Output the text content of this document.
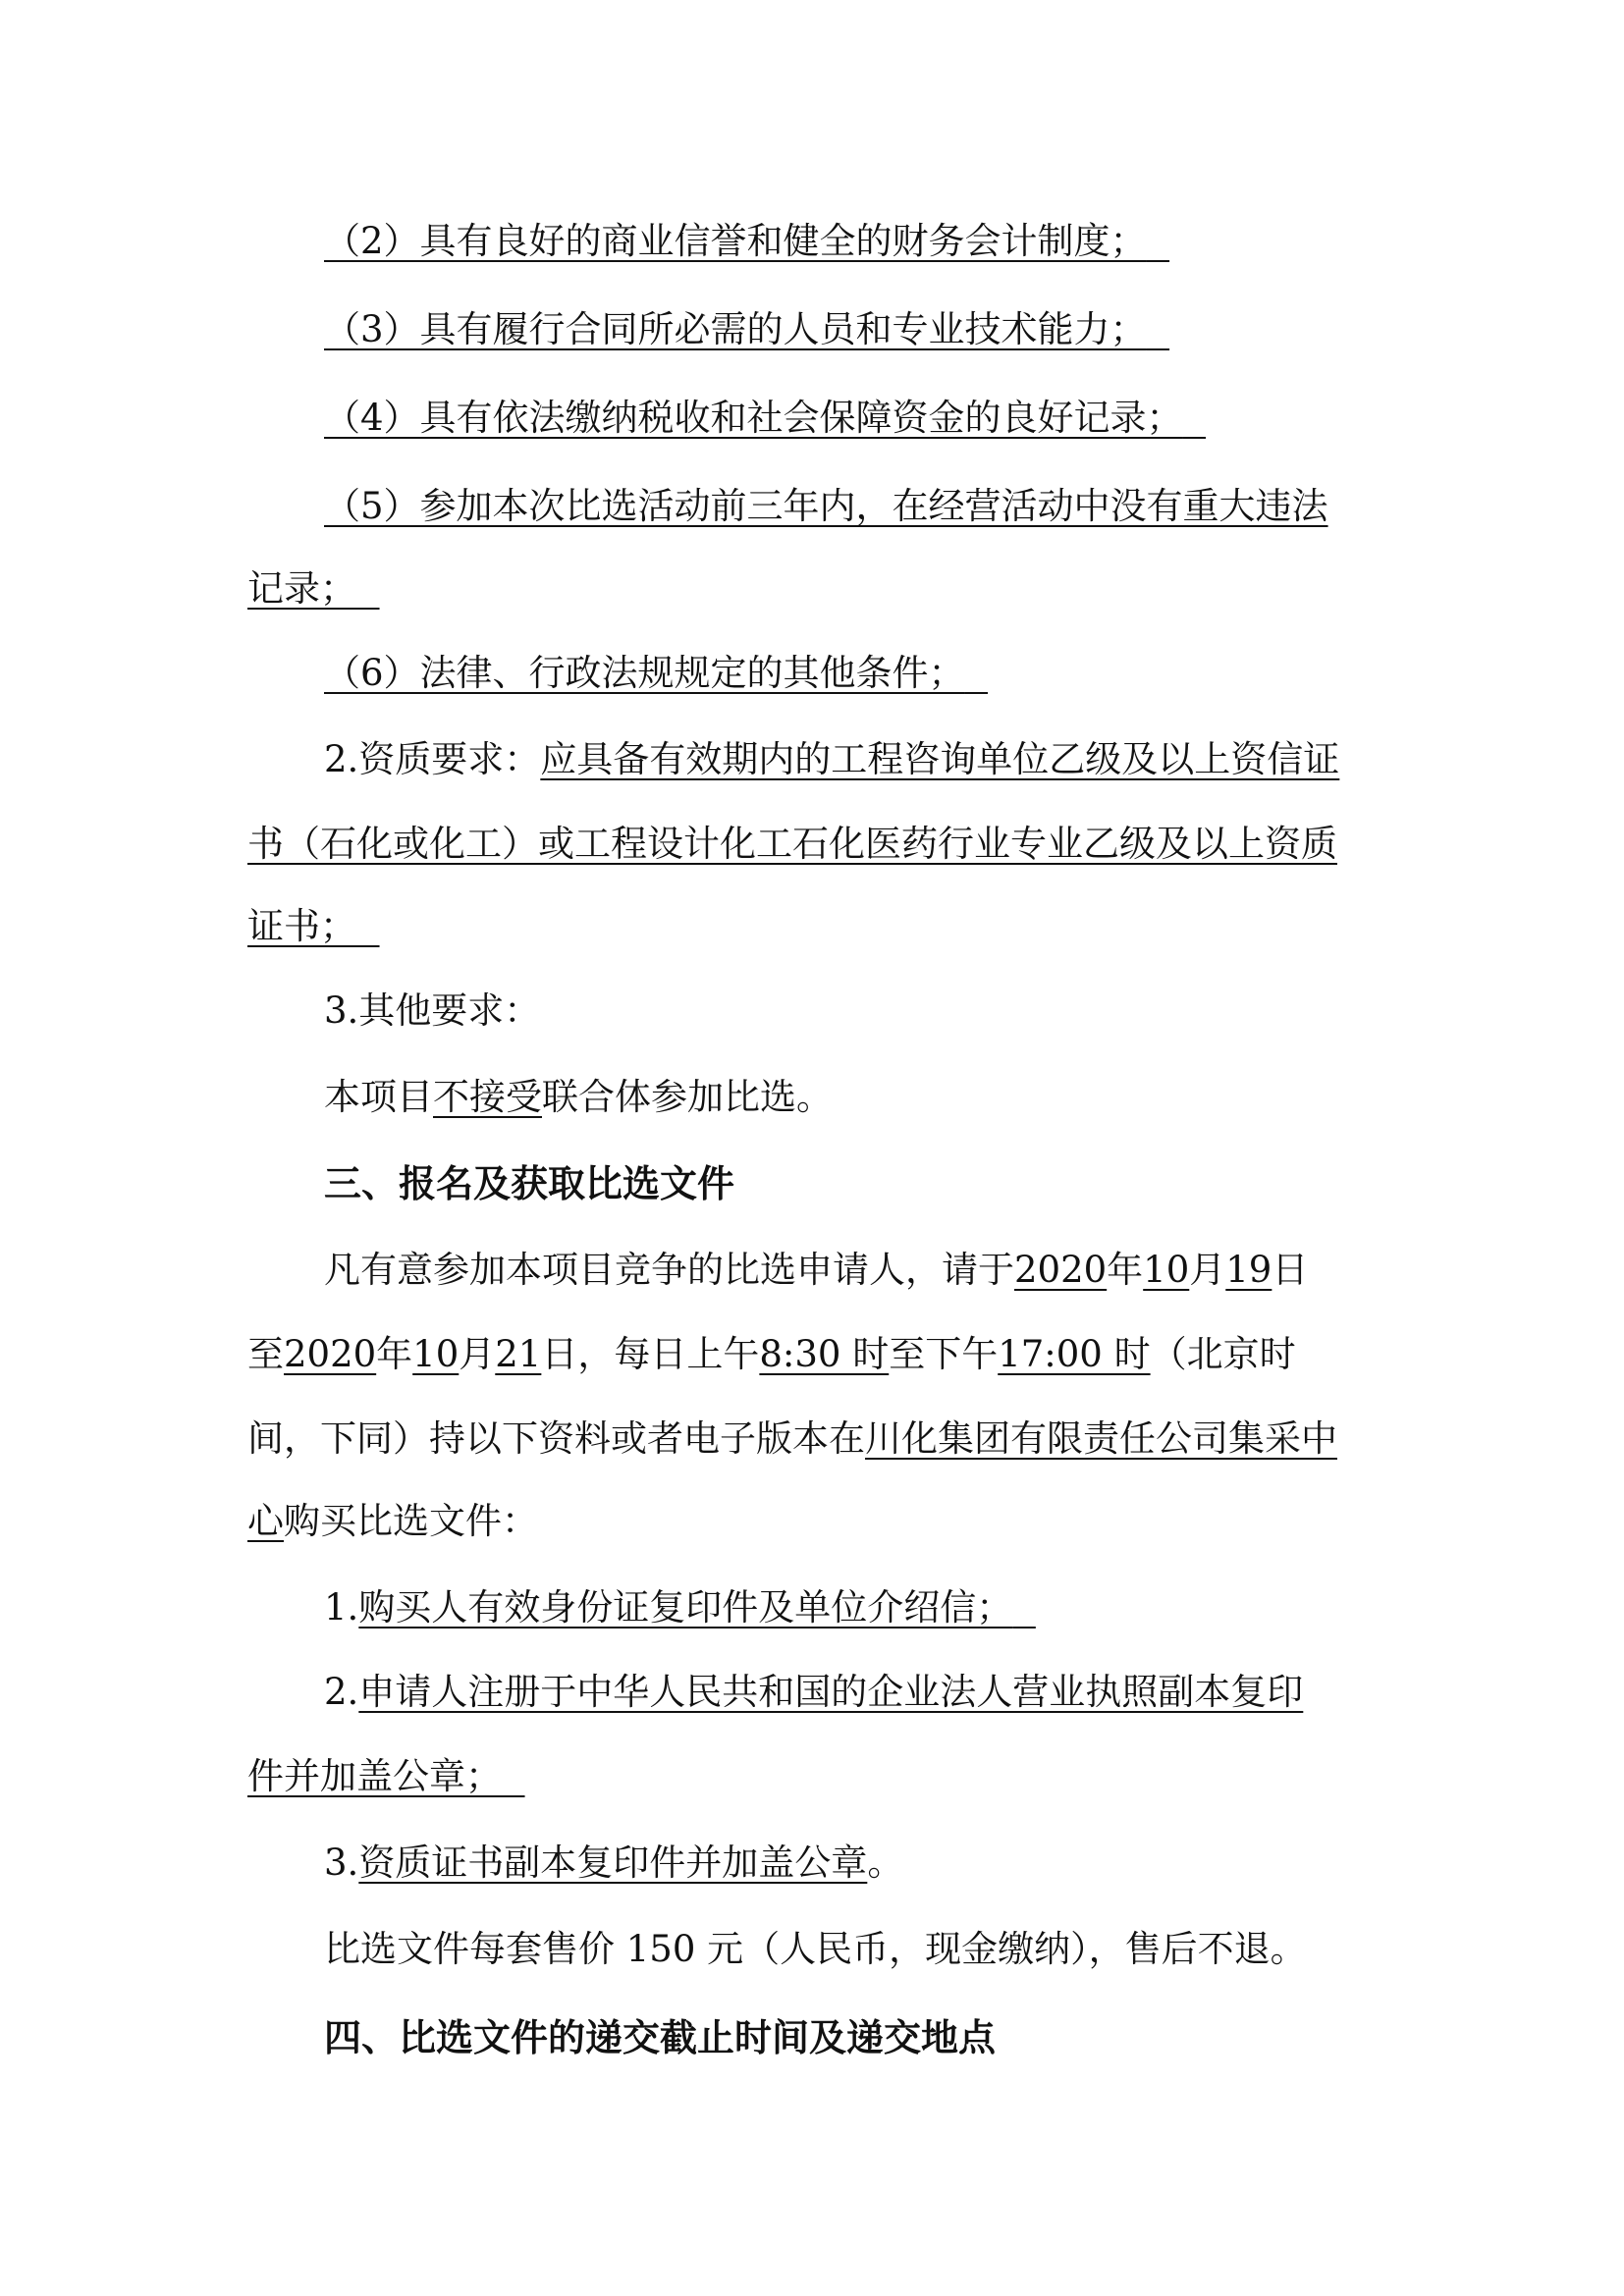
（2）具有良好的商业信誉和健全的财务会计制度；
（3）具有履行合同所必需的人员和专业技术能力；
（4）具有依法缴纳税收和社会保障资金的良好记录；
（5）参加本次比选活动前三年内，在经营活动中没有重大违法
记录；
（6）法律、行政法规规定的其他条件；
2.资质要求：应具备有效期内的工程咨询单位乙级及以上资信证
书（石化或化工）或工程设计化工石化医药行业专业乙级及以上资质
证书；
3.其他要求：
本项目不接受联合体参加比选。
三、报名及获取比选文件
凡有意参加本项目竞争的比选申请人，请于2020年10月19日
至2020年10月21日，每日上午8:30 时至下午17:00 时（北京时
间，下同）持以下资料或者电子版本在川化集团有限责任公司集采中
心购买比选文件：
1.购买人有效身份证复印件及单位介绍信；
2.申请人注册于中华人民共和国的企业法人营业执照副本复印
件并加盖公章；
3.资质证书副本复印件并加盖公章。
比选文件每套售价 150 元（人民币，现金缴纳），售后不退。
四、比选文件的递交截止时间及递交地点
